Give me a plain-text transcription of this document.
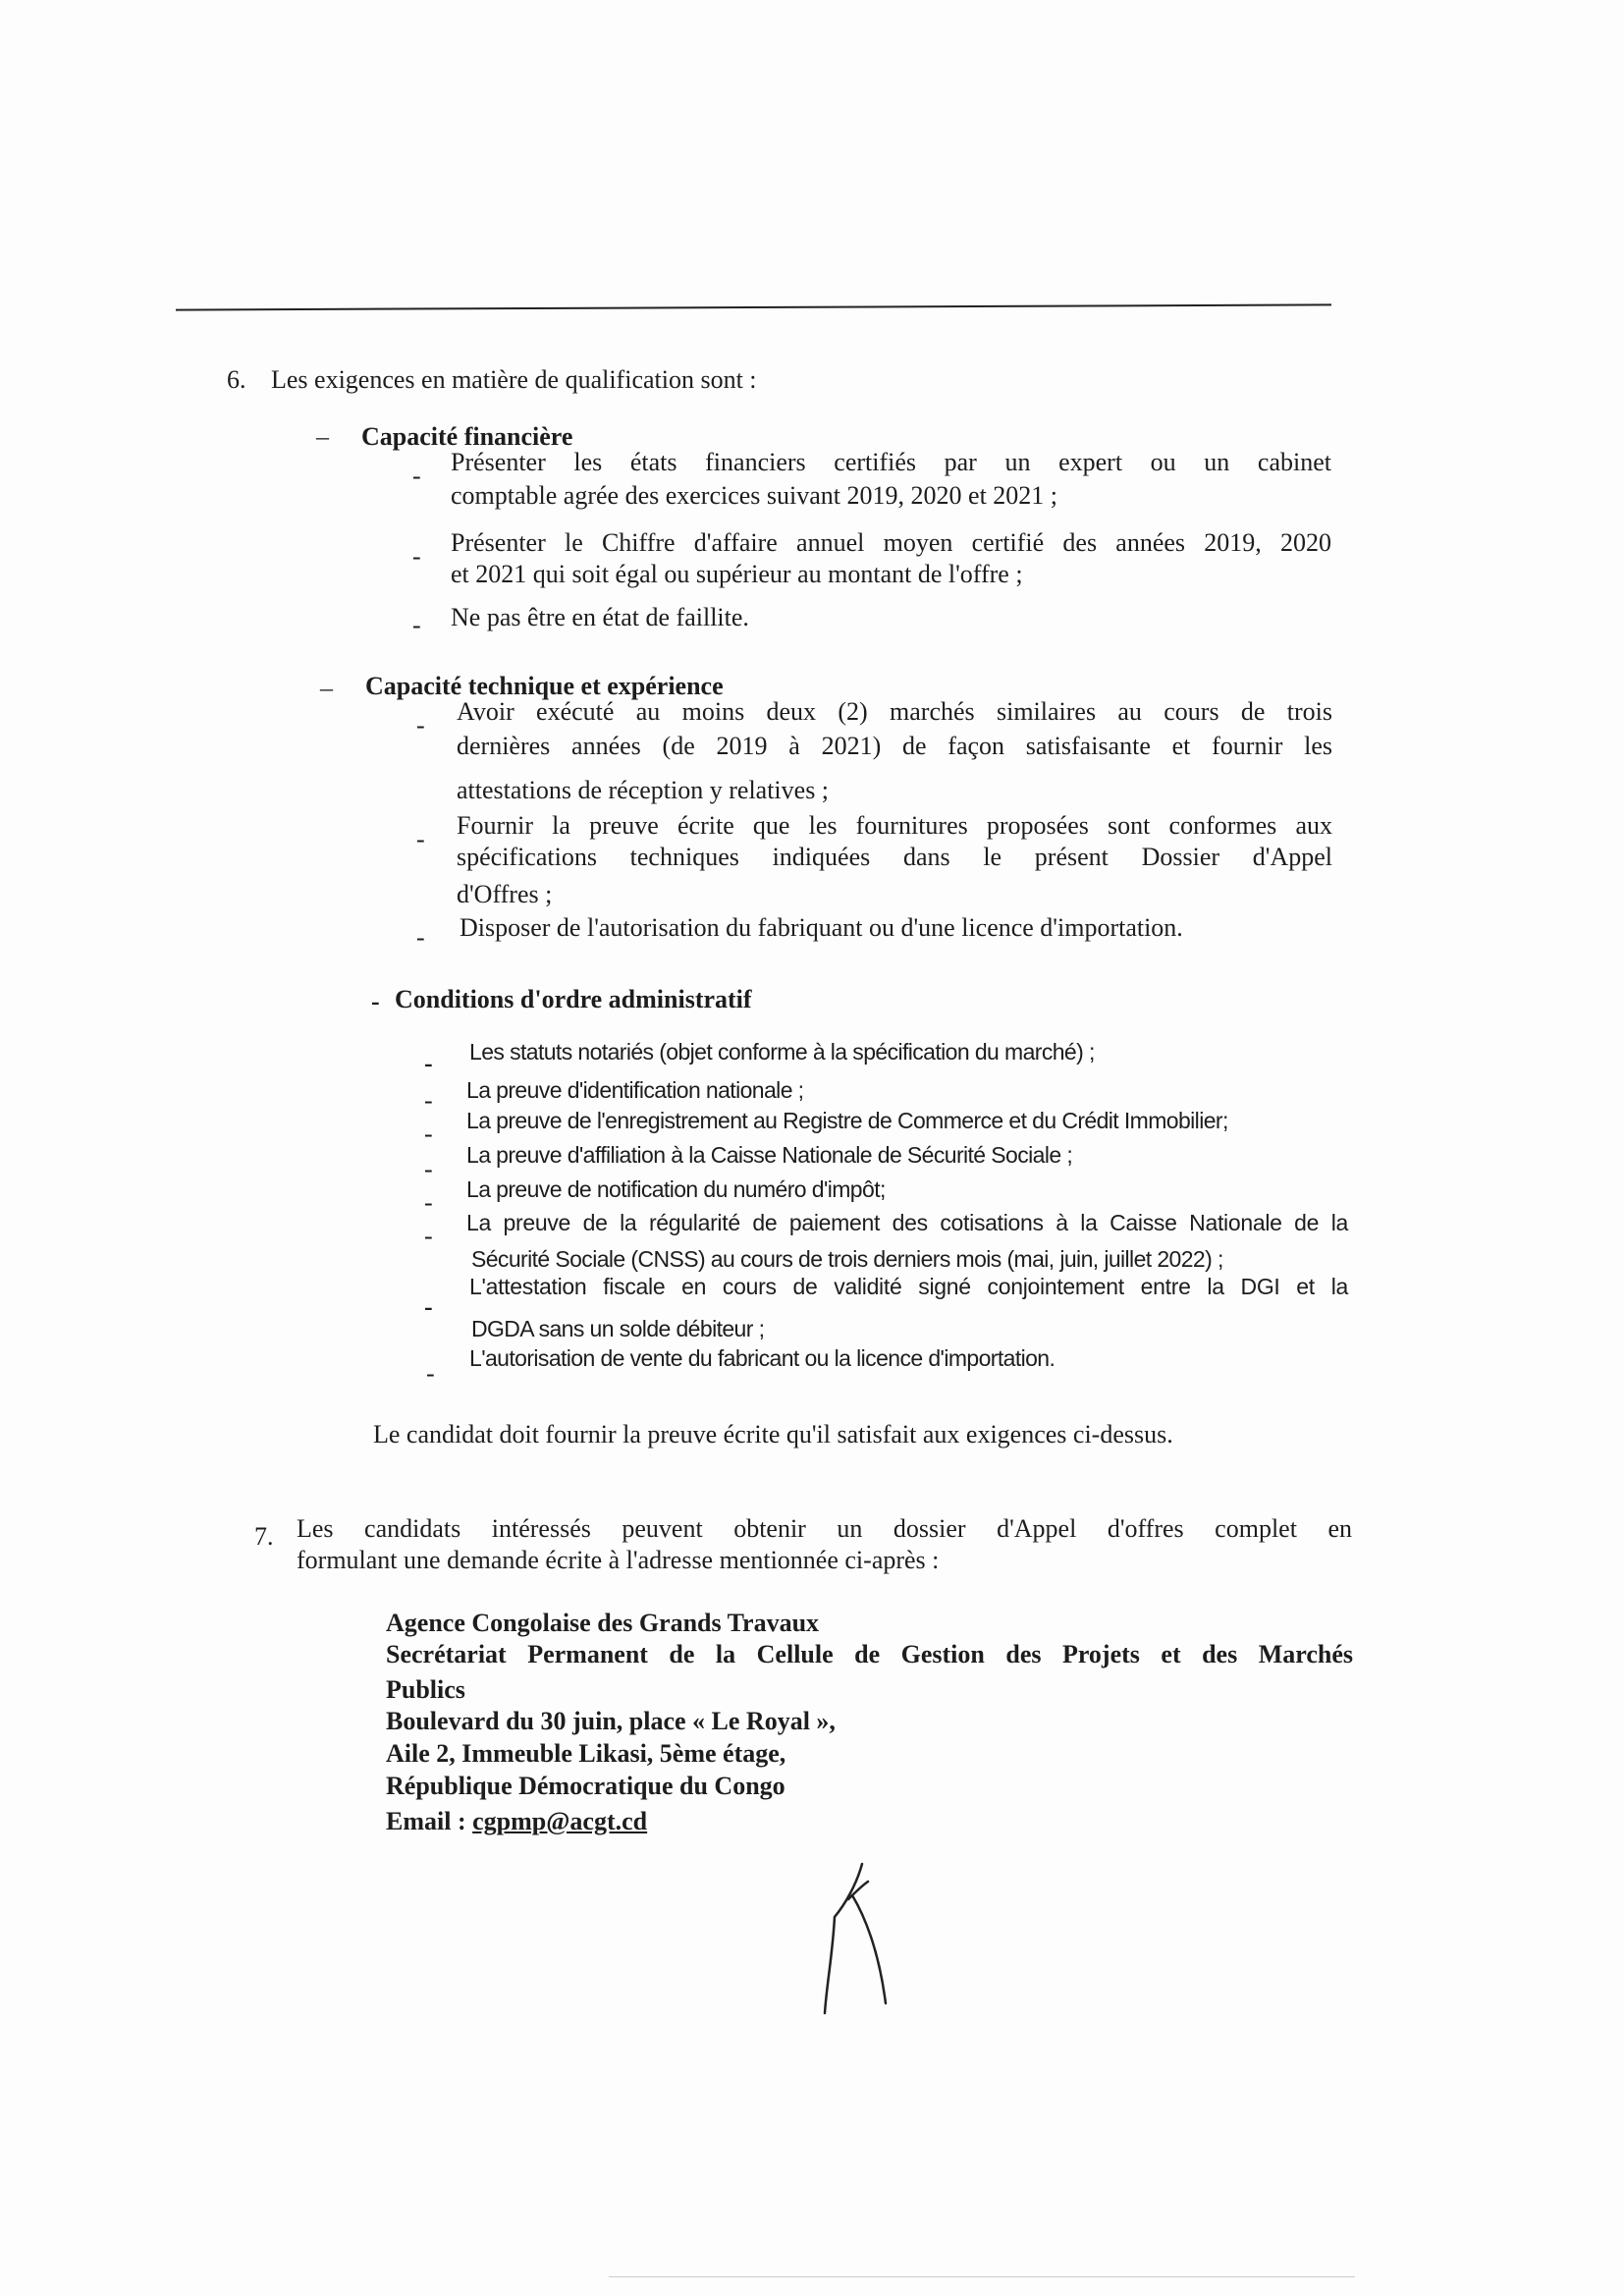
6. Les exigences en matière de qualification sont :
– Capacité financière
- Présenter les états financiers certifiés par un expert ou un cabinet
comptable agrée des exercices suivant 2019, 2020 et 2021 ;
- Présenter le Chiffre d'affaire annuel moyen certifié des années 2019, 2020
et 2021 qui soit égal ou supérieur au montant de l'offre ;
- Ne pas être en état de faillite.
– Capacité technique et expérience
- Avoir exécuté au moins deux (2) marchés similaires au cours de trois
dernières années (de 2019 à 2021) de façon satisfaisante et fournir les
attestations de réception y relatives ;
- Fournir la preuve écrite que les fournitures proposées sont conformes aux
spécifications techniques indiquées dans le présent Dossier d'Appel
d'Offres ;
- Disposer de l'autorisation du fabriquant ou d'une licence d'importation.
- Conditions d'ordre administratif
- Les statuts notariés (objet conforme à la spécification du marché) ;
- La preuve d'identification nationale ;
- La preuve de l'enregistrement au Registre de Commerce et du Crédit Immobilier;
- La preuve d'affiliation à la Caisse Nationale de Sécurité Sociale ;
- La preuve de notification du numéro d'impôt;
- La preuve de la régularité de paiement des cotisations à la Caisse Nationale de la
Sécurité Sociale (CNSS) au cours de trois derniers mois (mai, juin, juillet 2022) ;
-
L'attestation fiscale en cours de validité signé conjointement entre la DGI et la
DGDA sans un solde débiteur ;
-
L'autorisation de vente du fabricant ou la licence d'importation.
Le candidat doit fournir la preuve écrite qu'il satisfait aux exigences ci-dessus.
7. Les candidats intéressés peuvent obtenir un dossier d'Appel d'offres complet en
formulant une demande écrite à l'adresse mentionnée ci-après :
Agence Congolaise des Grands Travaux
Secrétariat Permanent de la Cellule de Gestion des Projets et des Marchés
Publics
Boulevard du 30 juin, place « Le Royal »,
Aile 2, Immeuble Likasi, 5ème étage,
République Démocratique du Congo
Email : cgpmp@acgt.cd
